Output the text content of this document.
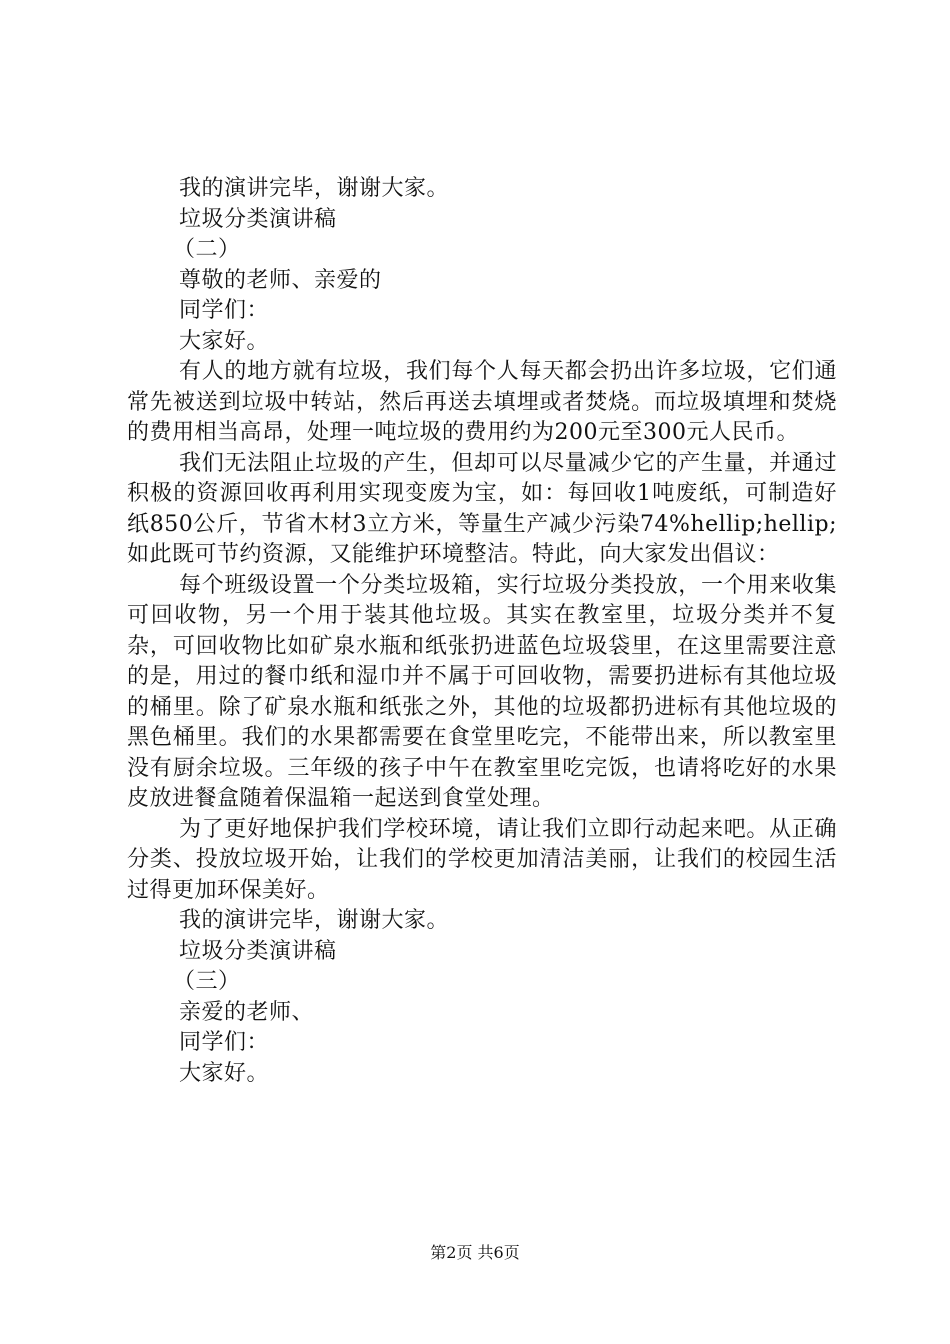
我的演讲完毕，谢谢大家。
垃圾分类演讲稿
（二）
尊敬的老师、亲爱的
同学们：
大家好。

有人的地方就有垃圾，我们每个人每天都会扔出许多垃圾，它们通常先被送到垃圾中转站，然后再送去填埋或者焚烧。而垃圾填埋和焚烧的费用相当高昂，处理一吨垃圾的费用约为200元至300元人民币。

我们无法阻止垃圾的产生，但却可以尽量减少它的产生量，并通过积极的资源回收再利用实现变废为宝，如：每回收1吨废纸，可制造好纸850公斤，节省木材3立方米，等量生产减少污染74%hellip;hellip;如此既可节约资源，又能维护环境整洁。特此，向大家发出倡议：

每个班级设置一个分类垃圾箱，实行垃圾分类投放，一个用来收集可回收物，另一个用于装其他垃圾。其实在教室里，垃圾分类并不复杂，可回收物比如矿泉水瓶和纸张扔进蓝色垃圾袋里，在这里需要注意的是，用过的餐巾纸和湿巾并不属于可回收物，需要扔进标有其他垃圾的桶里。除了矿泉水瓶和纸张之外，其他的垃圾都扔进标有其他垃圾的黑色桶里。我们的水果都需要在食堂里吃完，不能带出来，所以教室里没有厨余垃圾。三年级的孩子中午在教室里吃完饭，也请将吃好的水果皮放进餐盒随着保温箱一起送到食堂处理。

为了更好地保护我们学校环境，请让我们立即行动起来吧。从正确分类、投放垃圾开始，让我们的学校更加清洁美丽，让我们的校园生活过得更加环保美好。

我的演讲完毕，谢谢大家。
垃圾分类演讲稿
（三）
亲爱的老师、
同学们：
大家好。
第2页 共6页
